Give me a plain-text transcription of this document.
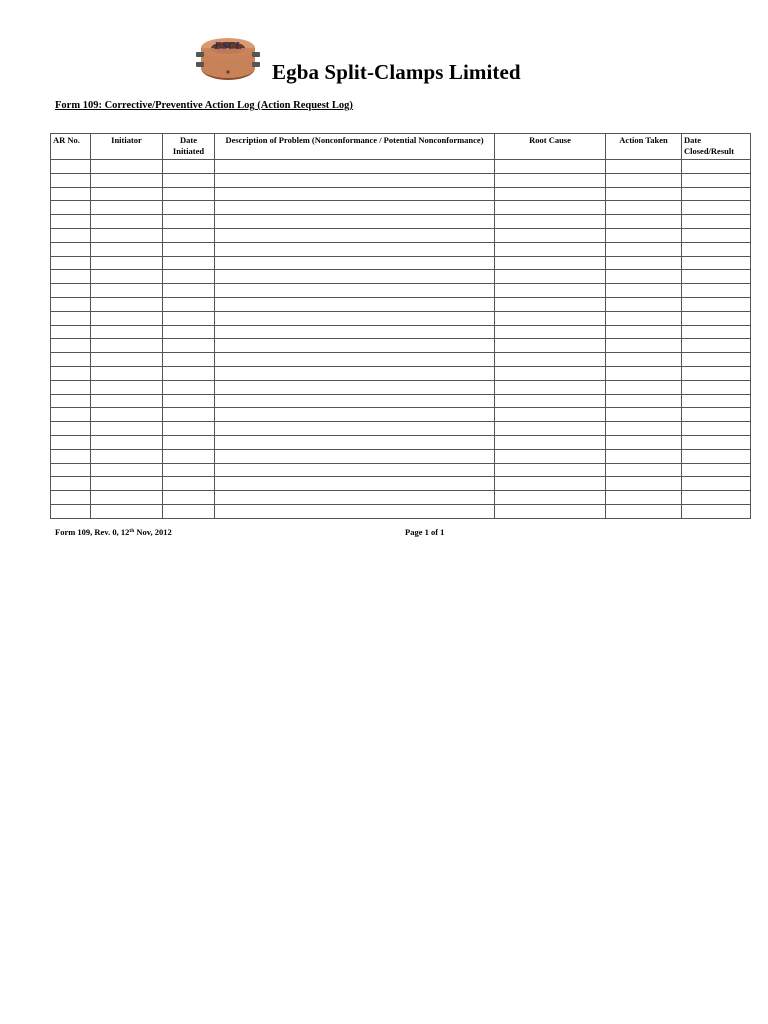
ESCL
Egba Split-Clamps Limited
Form 109: Corrective/Preventive Action Log (Action Request Log)
AR No.	Initiator	Date Initiated	Description of Problem (Nonconformance / Potential Nonconformance)	Root Cause	Action Taken	Date Closed/Result

Form 109, Rev. 0, 12th Nov, 2012	Page 1 of 1
